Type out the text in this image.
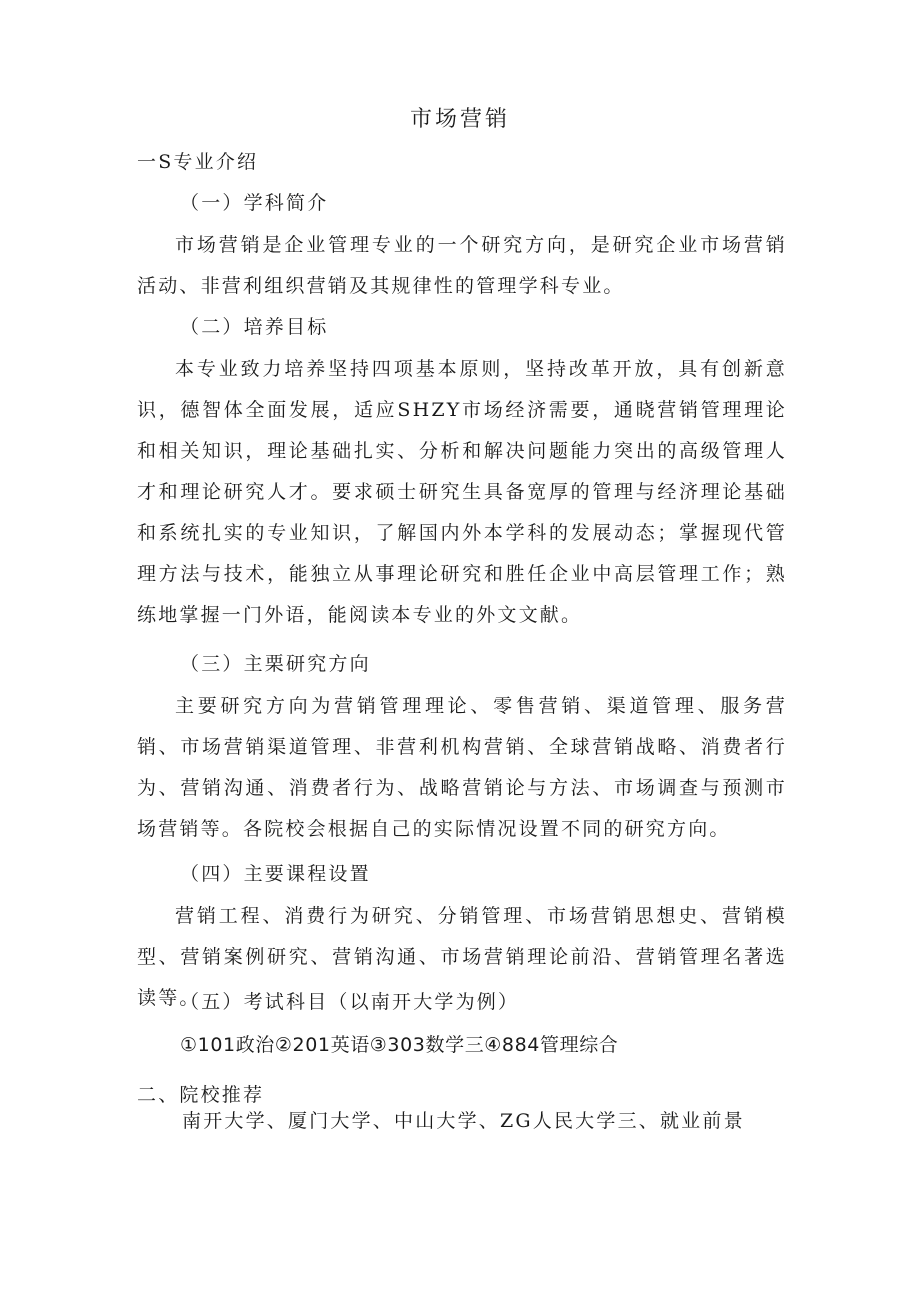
市场营销
一S专业介绍
（一）学科简介
市场营销是企业管理专业的一个研究方向，是研究企业市场营销活动、非营利组织营销及其规律性的管理学科专业。
（二）培养目标
本专业致力培养坚持四项基本原则，坚持改革开放，具有创新意识，德智体全面发展，适应SHZY市场经济需要，通晓营销管理理论和相关知识，理论基础扎实、分析和解决问题能力突出的高级管理人才和理论研究人才。要求硕士研究生具备宽厚的管理与经济理论基础和系统扎实的专业知识，了解国内外本学科的发展动态；掌握现代管理方法与技术，能独立从事理论研究和胜任企业中高层管理工作；熟练地掌握一门外语，能阅读本专业的外文文献。
（三）主栗研究方向
主要研究方向为营销管理理论、零售营销、渠道管理、服务营销、市场营销渠道管理、非营利机构营销、全球营销战略、消费者行为、营销沟通、消费者行为、战略营销论与方法、市场调查与预测市场营销等。各院校会根据自己的实际情况设置不同的研究方向。
（四）主要课程设置
营销工程、消费行为研究、分销管理、市场营销思想史、营销模型、营销案例研究、营销沟通、市场营销理论前沿、营销管理名著选读等。
（五）考试科目（以南开大学为例）
①101政治②201英语③303数学三④884管理综合
二、院校推荐
南开大学、厦门大学、中山大学、ZG人民大学三、就业前景
